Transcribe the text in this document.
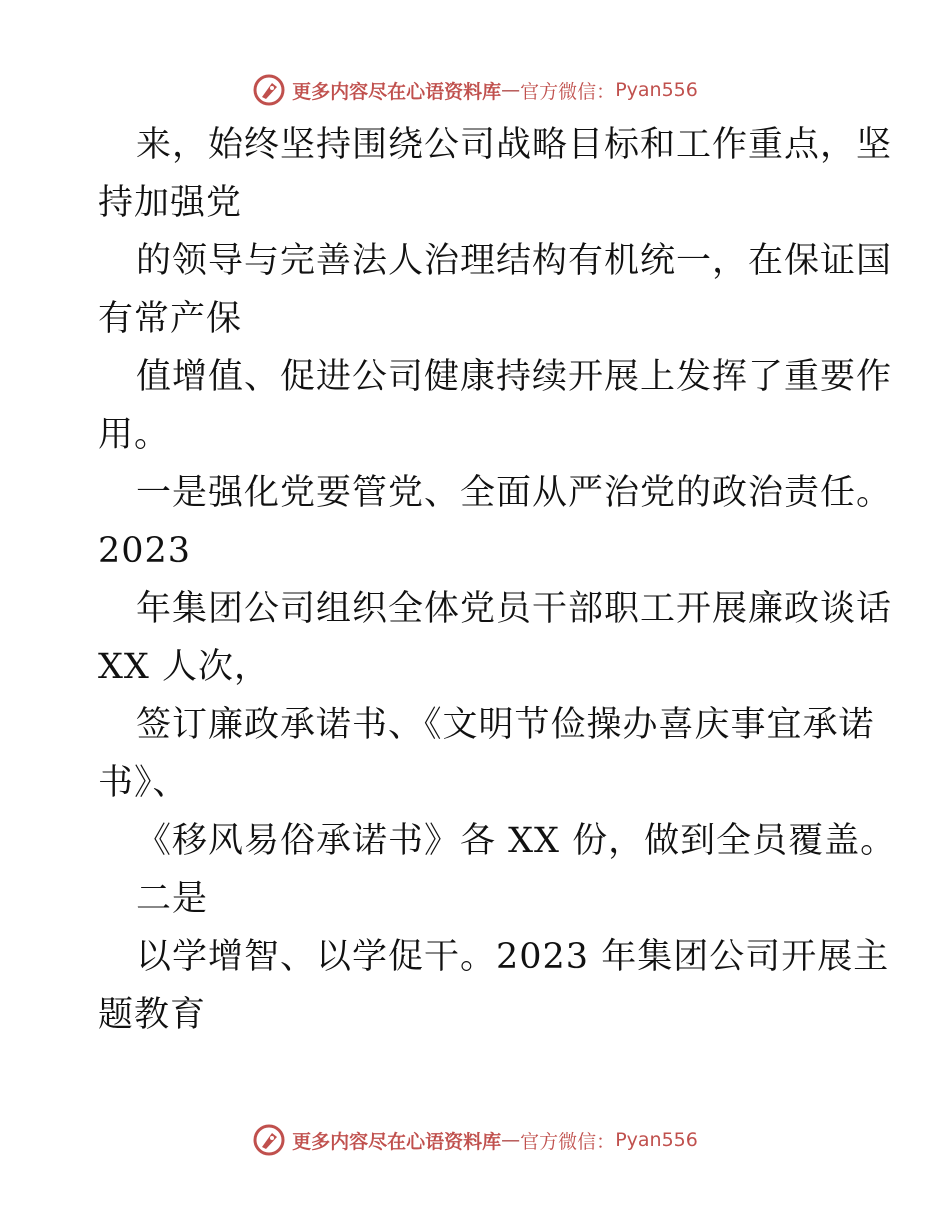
更多内容尽在心语资料库 — 官方微信： Pyan556
来，始终坚持围绕公司战略目标和工作重点，坚
持加强党
的领导与完善法人治理结构有机统一，在保证国
有常产保
值增值、促进公司健康持续开展上发挥了重要作
用。
一是强化党要管党、全面从严治党的政治责任。
2023
年集团公司组织全体党员干部职工开展廉政谈话
XX 人次，
签订廉政承诺书、《文明节俭操办喜庆事宜承诺
书》、
《移风易俗承诺书》各 XX 份，做到全员覆盖。
二是
以学增智、以学促干。2023 年集团公司开展主
题教育
更多内容尽在心语资料库 — 官方微信： Pyan556
